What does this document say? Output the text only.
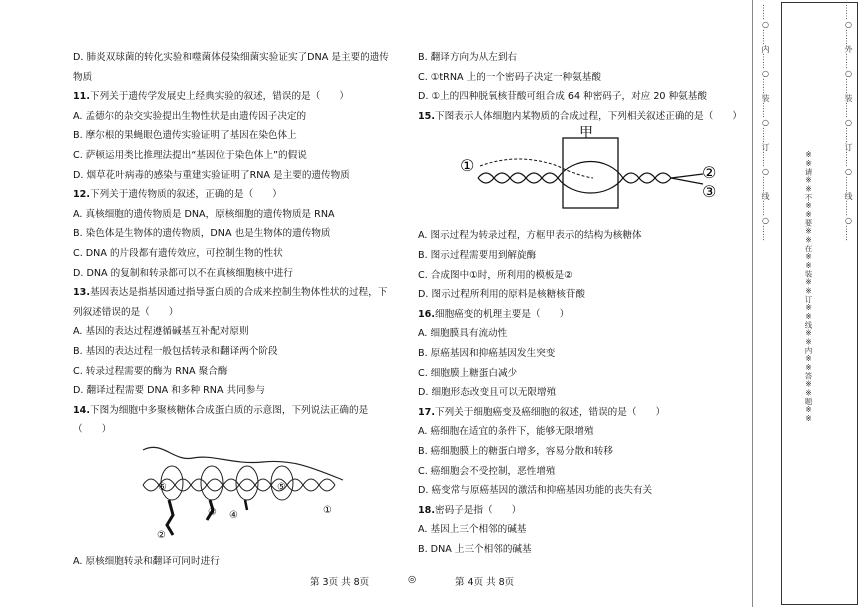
D. 肺炎双球菌的转化实验和噬菌体侵染细菌实验证实了DNA 是主要的遗传
物质
11.下列关于遗传学发展史上经典实验的叙述，错误的是（　　）
A. 孟德尔的杂交实验提出生物性状是由遗传因子决定的
B. 摩尔根的果蝇眼色遗传实验证明了基因在染色体上
C. 萨顿运用类比推理法提出“基因位于染色体上”的假说
D. 烟草花叶病毒的感染与重建实验证明了RNA 是主要的遗传物质
12.下列关于遗传物质的叙述，正确的是（　　）
A. 真核细胞的遗传物质是 DNA，原核细胞的遗传物质是 RNA
B. 染色体是生物体的遗传物质，DNA 也是生物体的遗传物质
C. DNA 的片段都有遗传效应，可控制生物的性状
D. DNA 的复制和转录都可以不在真核细胞核中进行
13.基因表达是指基因通过指导蛋白质的合成来控制生物体性状的过程，下
列叙述错误的是（　　）
A. 基因的表达过程遵循碱基互补配对原则
B. 基因的表达过程一般包括转录和翻译两个阶段
C. 转录过程需要的酶为 RNA 聚合酶
D. 翻译过程需要 DNA 和多种 RNA 共同参与
14.下图为细胞中多聚核糖体合成蛋白质的示意图，下列说法正确的是
（　　）
⑥
②
③ ④
⑤
①
A. 原核细胞转录和翻译可同时进行
B. 翻译方向为从左到右
C. ①tRNA 上的一个密码子决定一种氨基酸
D. ①上的四种脱氧核苷酸可组合成 64 种密码子，对应 20 种氨基酸
15.下图表示人体细胞内某物质的合成过程，下列相关叙述正确的是（　　）
甲
①	②
③
A. 图示过程为转录过程，方框甲表示的结构为核糖体
B. 图示过程需要用到解旋酶
C. 合成图中①时，所利用的模板是②
D. 图示过程所利用的原料是核糖核苷酸
16.细胞癌变的机理主要是（　　）
A. 细胞膜具有流动性
B. 原癌基因和抑癌基因发生突变
C. 细胞膜上糖蛋白减少
D. 细胞形态改变且可以无限增殖
17.下列关于细胞癌变及癌细胞的叙述，错误的是（　　）
A. 癌细胞在适宜的条件下，能够无限增殖
B. 癌细胞膜上的糖蛋白增多，容易分散和转移
C. 癌细胞会不受控制，恶性增殖
D. 癌变常与原癌基因的激活和抑癌基因功能的丧失有关
18.密码子是指（　　）
A. 基因上三个相邻的碱基
B. DNA 上三个相邻的碱基
第 3页 共 8页	◎	第 4页 共 8页
……○……内……○……装……○……订……○……线……○……
※※请※※不※※要※※在※※装※※订※※线※※内※※答※※题※※
……○……外……○……装……○……订……○……线……○……
